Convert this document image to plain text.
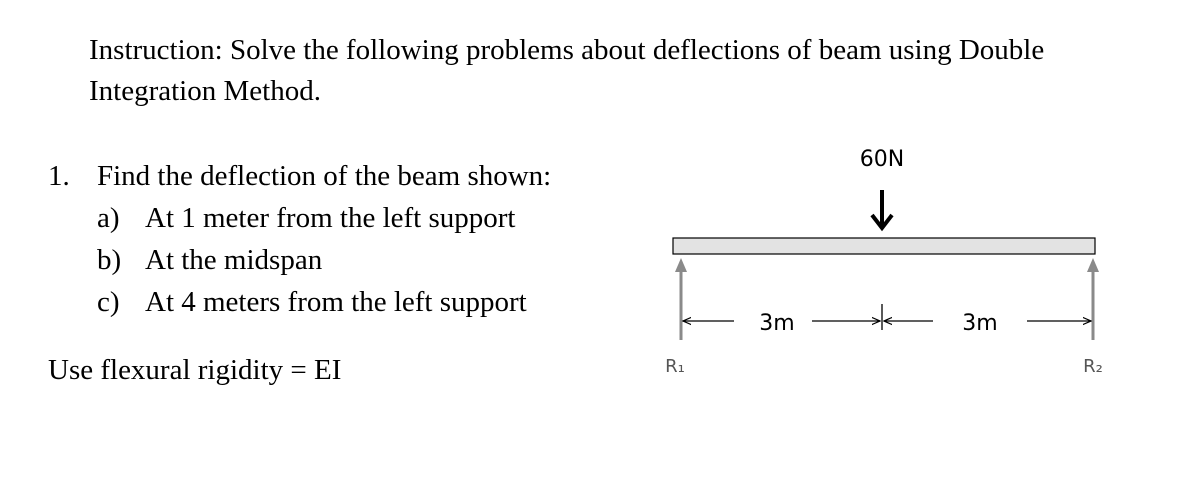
Instruction: Solve the following problems about deflections of beam using Double
Integration Method.
1. Find the deflection of the beam shown:
a) At 1 meter from the left support
b) At the midspan
c) At 4 meters from the left support
Use flexural rigidity = EI
60N
3m	3m
R₁	R₂
